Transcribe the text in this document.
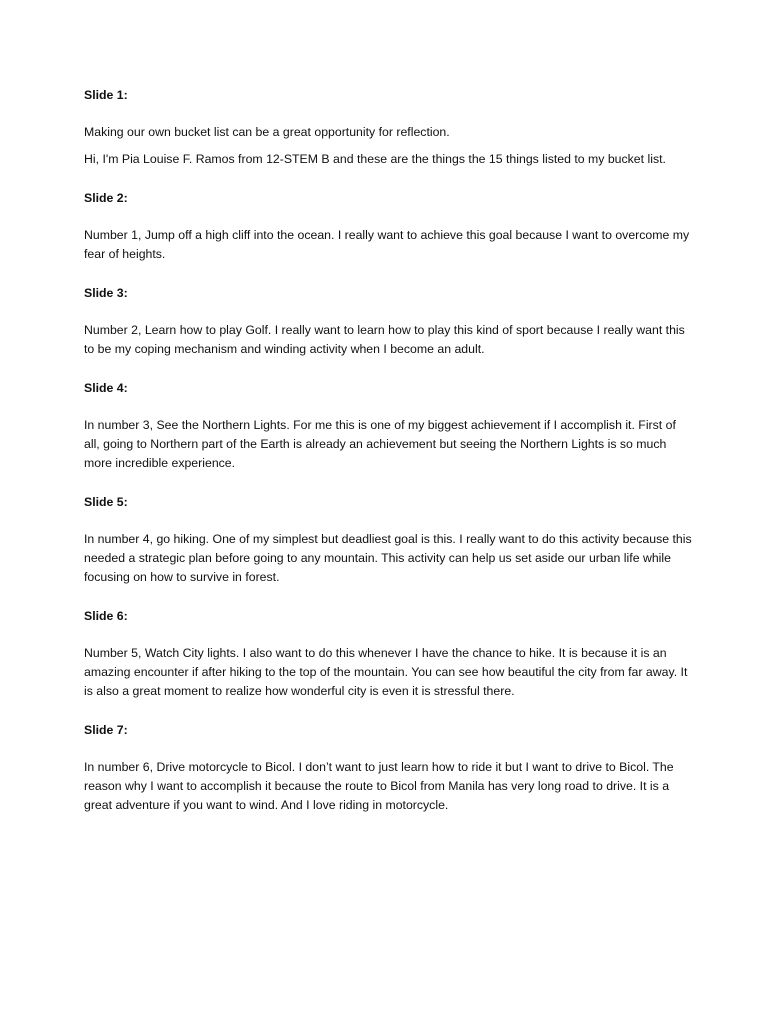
Slide 1:

Making our own bucket list can be a great opportunity for reflection.

Hi, I'm Pia Louise F. Ramos from 12-STEM B and these are the things the 15 things listed to my bucket list.

Slide 2:

Number 1, Jump off a high cliff into the ocean. I really want to achieve this goal because I want to overcome my fear of heights.

Slide 3:

Number 2, Learn how to play Golf. I really want to learn how to play this kind of sport because I really want this to be my coping mechanism and winding activity when I become an adult.

Slide 4:

In number 3, See the Northern Lights. For me this is one of my biggest achievement if I accomplish it. First of all, going to Northern part of the Earth is already an achievement but seeing the Northern Lights is so much more incredible experience.

Slide 5:

In number 4, go hiking. One of my simplest but deadliest goal is this. I really want to do this activity because this needed a strategic plan before going to any mountain. This activity can help us set aside our urban life while focusing on how to survive in forest.

Slide 6:

Number 5, Watch City lights. I also want to do this whenever I have the chance to hike. It is because it is an amazing encounter if after hiking to the top of the mountain. You can see how beautiful the city from far away. It is also a great moment to realize how wonderful city is even it is stressful there.

Slide 7:

In number 6, Drive motorcycle to Bicol. I don’t want to just learn how to ride it but I want to drive to Bicol. The reason why I want to accomplish it because the route to Bicol from Manila has very long road to drive. It is a great adventure if you want to wind. And I love riding in motorcycle.
